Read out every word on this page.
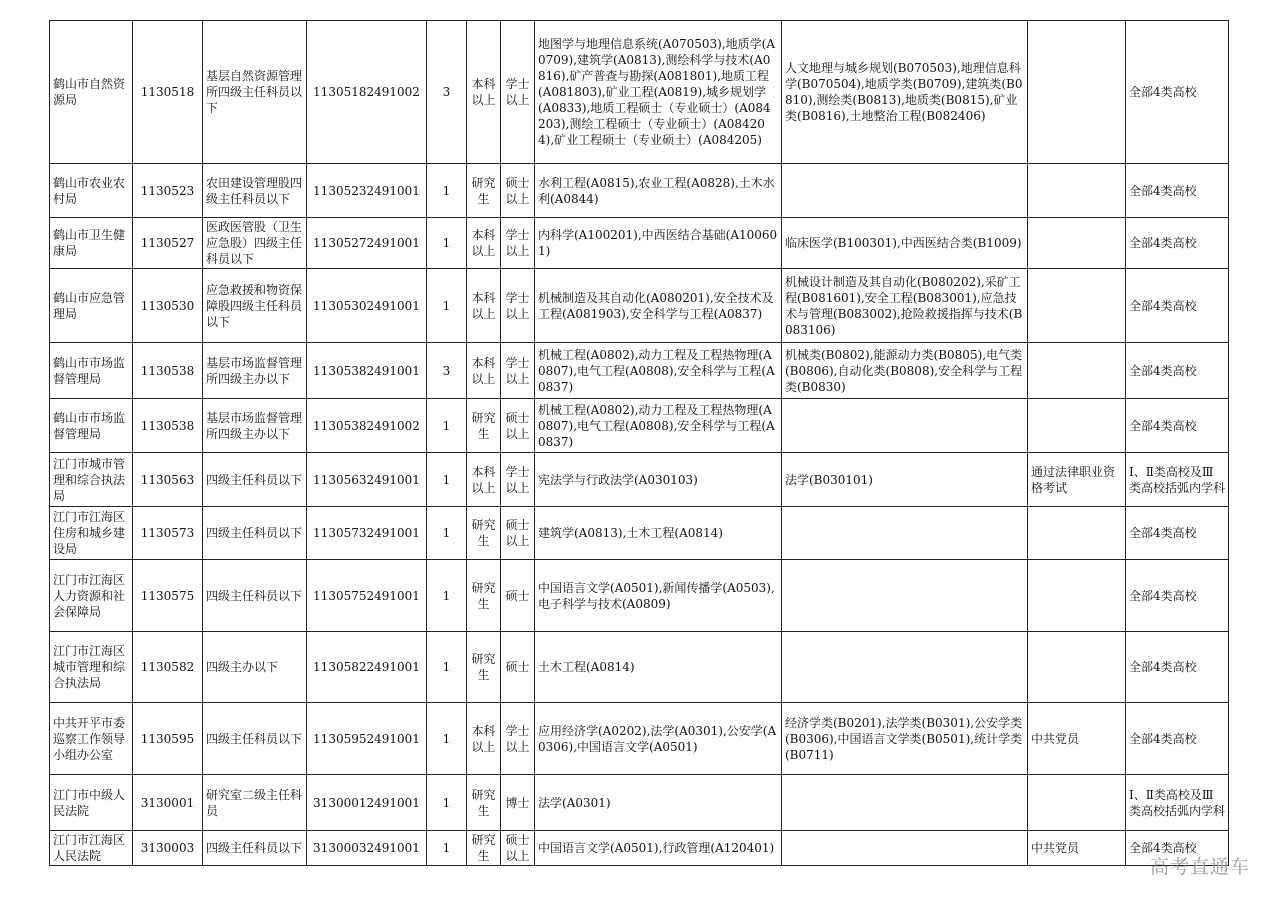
鹤山市自然资源局	1130518	基层自然资源管理所四级主任科员以下	11305182491002	3	本科以上	学士以上	地图学与地理信息系统(A070503),地质学(A0709),建筑学(A0813),测绘科学与技术(A0816),矿产普查与勘探(A081801),地质工程(A081803),矿业工程(A0819),城乡规划学(A0833),地质工程硕士（专业硕士）(A084203),测绘工程硕士（专业硕士）(A084204),矿业工程硕士（专业硕士）(A084205)	人文地理与城乡规划(B070503),地理信息科学(B070504),地质学类(B0709),建筑类(B0810),测绘类(B0813),地质类(B0815),矿业类(B0816),土地整治工程(B082406)		全部4类高校
鹤山市农业农村局	1130523	农田建设管理股四级主任科员以下	11305232491001	1	研究生	硕士以上	水利工程(A0815),农业工程(A0828),土木水利(A0844)			全部4类高校
鹤山市卫生健康局	1130527	医政医管股（卫生应急股）四级主任科员以下	11305272491001	1	本科以上	学士以上	内科学(A100201),中西医结合基础(A100601)	临床医学(B100301),中西医结合类(B1009)		全部4类高校
鹤山市应急管理局	1130530	应急救援和物资保障股四级主任科员以下	11305302491001	1	本科以上	学士以上	机械制造及其自动化(A080201),安全技术及工程(A081903),安全科学与工程(A0837)	机械设计制造及其自动化(B080202),采矿工程(B081601),安全工程(B083001),应急技术与管理(B083002),抢险救援指挥与技术(B083106)		全部4类高校
鹤山市市场监督管理局	1130538	基层市场监督管理所四级主办以下	11305382491001	3	本科以上	学士以上	机械工程(A0802),动力工程及工程热物理(A0807),电气工程(A0808),安全科学与工程(A0837)	机械类(B0802),能源动力类(B0805),电气类(B0806),自动化类(B0808),安全科学与工程类(B0830)		全部4类高校
鹤山市市场监督管理局	1130538	基层市场监督管理所四级主办以下	11305382491002	1	研究生	硕士以上	机械工程(A0802),动力工程及工程热物理(A0807),电气工程(A0808),安全科学与工程(A0837)			全部4类高校
江门市城市管理和综合执法局	1130563	四级主任科员以下	11305632491001	1	本科以上	学士以上	宪法学与行政法学(A030103)	法学(B030101)	通过法律职业资格考试	Ⅰ、Ⅱ类高校及Ⅲ类高校括弧内学科
江门市江海区住房和城乡建设局	1130573	四级主任科员以下	11305732491001	1	研究生	硕士以上	建筑学(A0813),土木工程(A0814)			全部4类高校
江门市江海区人力资源和社会保障局	1130575	四级主任科员以下	11305752491001	1	研究生	硕士	中国语言文学(A0501),新闻传播学(A0503),电子科学与技术(A0809)			全部4类高校
江门市江海区城市管理和综合执法局	1130582	四级主办以下	11305822491001	1	研究生	硕士	土木工程(A0814)			全部4类高校
中共开平市委巡察工作领导小组办公室	1130595	四级主任科员以下	11305952491001	1	本科以上	学士以上	应用经济学(A0202),法学(A0301),公安学(A0306),中国语言文学(A0501)	经济学类(B0201),法学类(B0301),公安学类(B0306),中国语言文学类(B0501),统计学类(B0711)	中共党员	全部4类高校
江门市中级人民法院	3130001	研究室二级主任科员	31300012491001	1	研究生	博士	法学(A0301)			Ⅰ、Ⅱ类高校及Ⅲ类高校括弧内学科
江门市江海区人民法院	3130003	四级主任科员以下	31300032491001	1	研究生	硕士以上	中国语言文学(A0501),行政管理(A120401)		中共党员	全部4类高校
高考直通车
